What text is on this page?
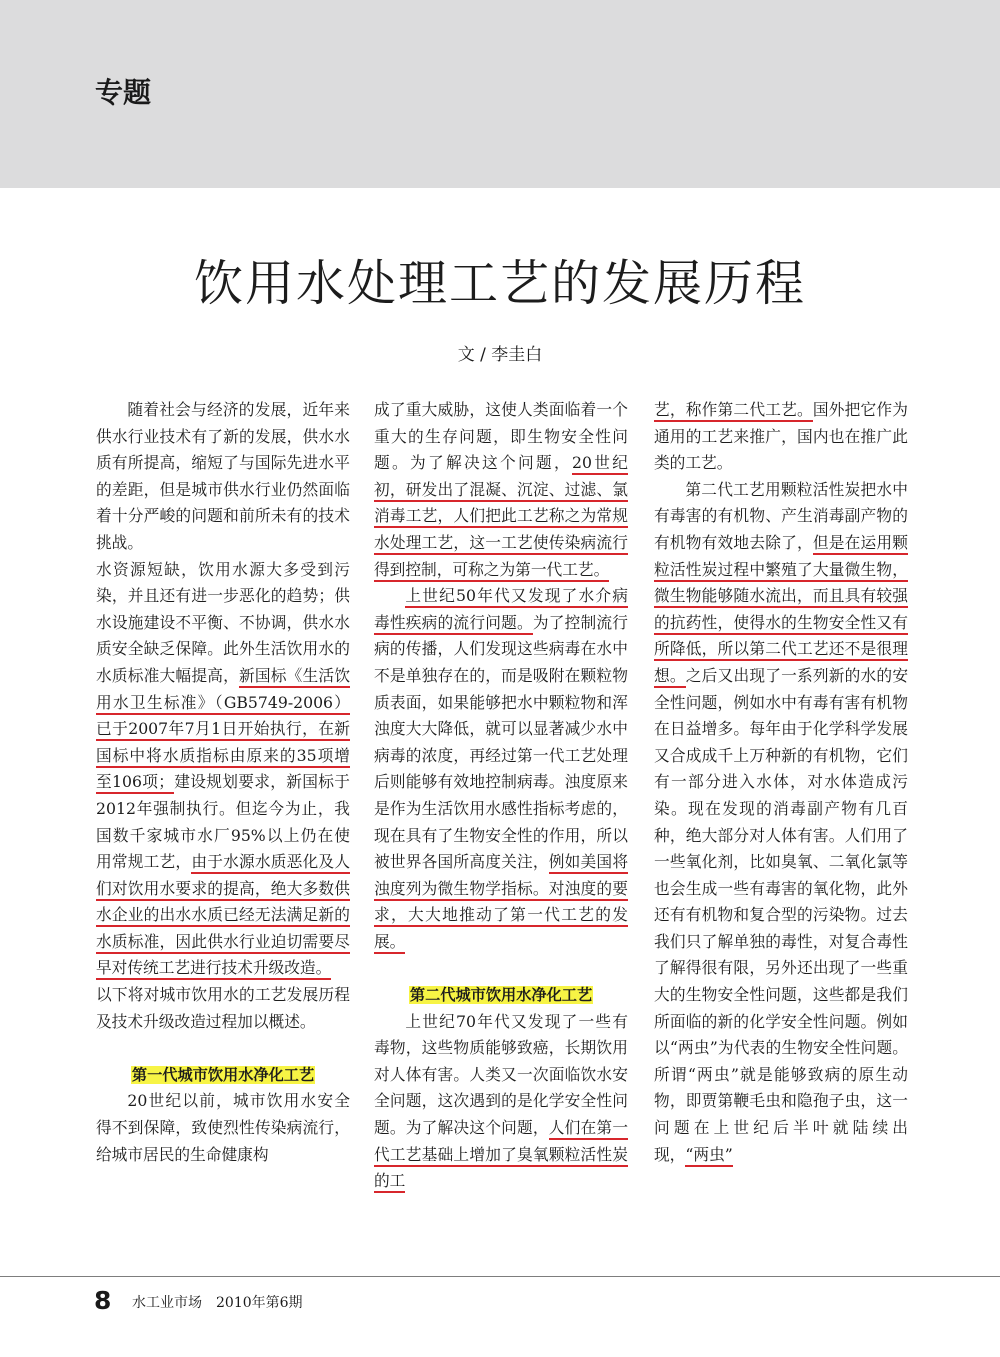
专题
饮用水处理工艺的发展历程

文 / 李圭白

随着社会与经济的发展，近年来供水行业技术有了新的发展，供水水质有所提高，缩短了与国际先进水平的差距，但是城市供水行业仍然面临着十分严峻的问题和前所未有的技术挑战。

水资源短缺，饮用水源大多受到污染，并且还有进一步恶化的趋势；供水设施建设不平衡、不协调，供水水质安全缺乏保障。此外生活饮用水的水质标准大幅提高，新国标《生活饮用水卫生标准》（GB5749-2006）已于2007年7月1日开始执行，在新国标中将水质指标由原来的35项增至106项；建设规划要求，新国标于2012年强制执行。但迄今为止，我国数千家城市水厂95%以上仍在使用常规工艺，由于水源水质恶化及人们对饮用水要求的提高，绝大多数供水企业的出水水质已经无法满足新的水质标准，因此供水行业迫切需要尽早对传统工艺进行技术升级改造。

以下将对城市饮用水的工艺发展历程及技术升级改造过程加以概述。

第一代城市饮用水净化工艺

20世纪以前，城市饮用水安全得不到保障，致使烈性传染病流行，给城市居民的生命健康构

成了重大威胁，这使人类面临着一个重大的生存问题，即生物安全性问题。为了解决这个问题，20世纪初，研发出了混凝、沉淀、过滤、氯消毒工艺，人们把此工艺称之为常规水处理工艺，这一工艺使传染病流行得到控制，可称之为第一代工艺。

上世纪50年代又发现了水介病毒性疾病的流行问题。为了控制流行病的传播，人们发现这些病毒在水中不是单独存在的，而是吸附在颗粒物质表面，如果能够把水中颗粒物和浑浊度大大降低，就可以显著减少水中病毒的浓度，再经过第一代工艺处理后则能够有效地控制病毒。浊度原来是作为生活饮用水感性指标考虑的，现在具有了生物安全性的作用，所以被世界各国所高度关注，例如美国将浊度列为微生物学指标。对浊度的要求，大大地推动了第一代工艺的发展。

第二代城市饮用水净化工艺

上世纪70年代又发现了一些有毒物，这些物质能够致癌，长期饮用对人体有害。人类又一次面临饮水安全问题，这次遇到的是化学安全性问题。为了解决这个问题，人们在第一代工艺基础上增加了臭氧颗粒活性炭的工

艺，称作第二代工艺。国外把它作为通用的工艺来推广，国内也在推广此类的工艺。

第二代工艺用颗粒活性炭把水中有毒害的有机物、产生消毒副产物的有机物有效地去除了，但是在运用颗粒活性炭过程中繁殖了大量微生物，微生物能够随水流出，而且具有较强的抗药性，使得水的生物安全性又有所降低，所以第二代工艺还不是很理想。之后又出现了一系列新的水的安全性问题，例如水中有毒有害有机物在日益增多。每年由于化学科学发展又合成成千上万种新的有机物，它们有一部分进入水体，对水体造成污染。现在发现的消毒副产物有几百种，绝大部分对人体有害。人们用了一些氧化剂，比如臭氧、二氧化氯等也会生成一些有毒害的氧化物，此外还有有机物和复合型的污染物。过去我们只了解单独的毒性，对复合毒性了解得很有限，另外还出现了一些重大的生物安全性问题，这些都是我们所面临的新的化学安全性问题。例如以“两虫”为代表的生物安全性问题。所谓“两虫”就是能够致病的原生动物，即贾第鞭毛虫和隐孢子虫，这一问题在上世纪后半叶就陆续出现，“两虫”

8 水工业市场 2010年第6期
